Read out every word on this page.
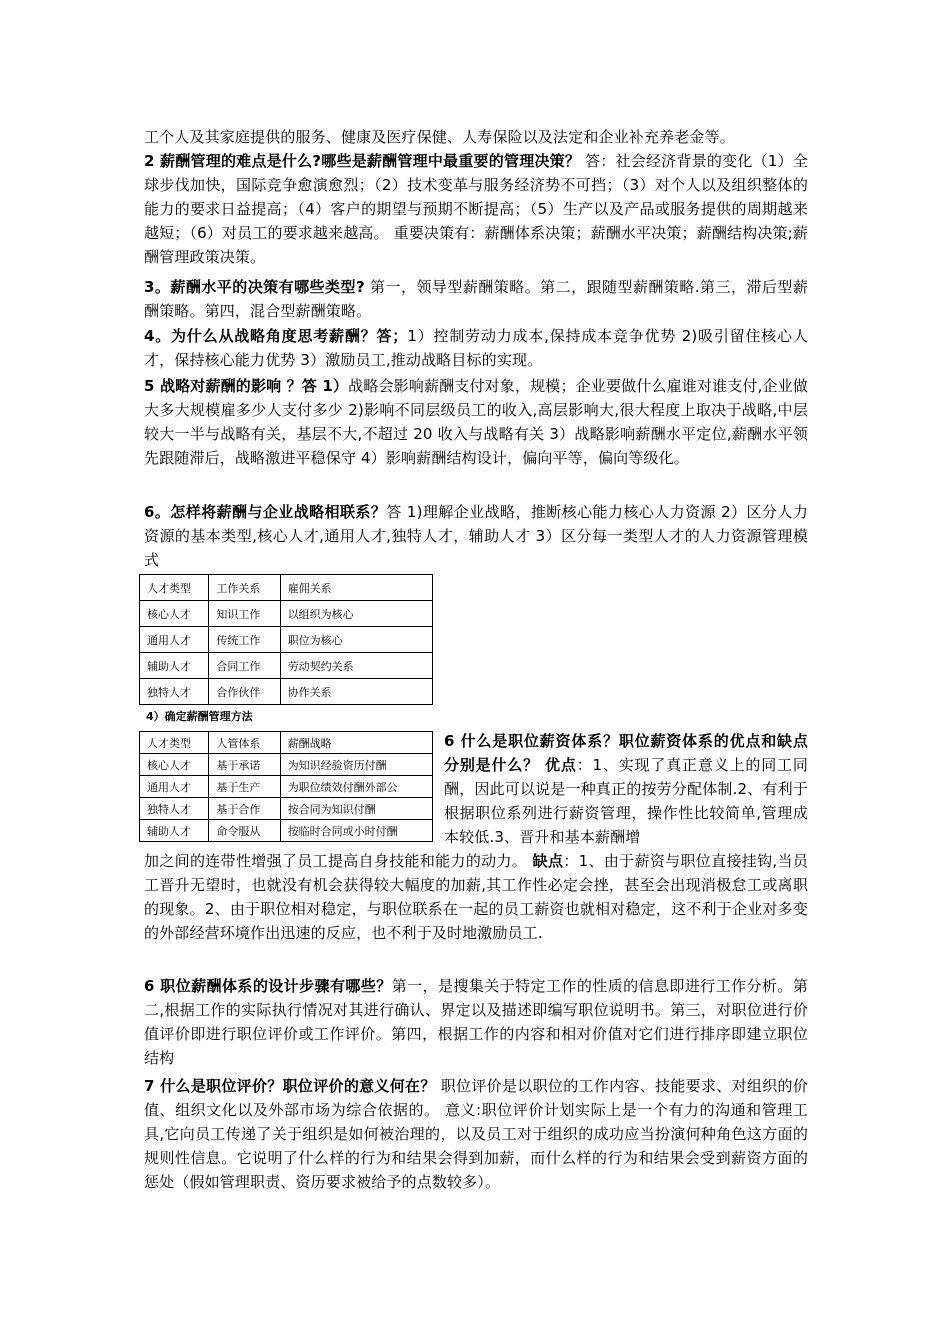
工个人及其家庭提供的服务、健康及医疗保健、人寿保险以及法定和企业补充养老金等。

2 薪酬管理的难点是什么?哪些是薪酬管理中最重要的管理决策？ 答：社会经济背景的变化（1）全球步伐加快，国际竞争愈演愈烈；（2）技术变革与服务经济势不可挡；（3）对个人以及组织整体的能力的要求日益提高；（4）客户的期望与预期不断提高；（5）生产以及产品或服务提供的周期越来越短；（6）对员工的要求越来越高。 重要决策有：薪酬体系决策；薪酬水平决策；薪酬结构决策;薪酬管理政策决策。

3。薪酬水平的决策有哪些类型? 第一，领导型薪酬策略。第二，跟随型薪酬策略.第三，滞后型薪酬策略。第四，混合型薪酬策略。

4。为什么从战略角度思考薪酬？答；1）控制劳动力成本,保持成本竞争优势 2)吸引留住核心人才，保持核心能力优势 3）激励员工,推动战略目标的实现。

5 战略对薪酬的影响 ？答 1）战略会影响薪酬支付对象，规模；企业要做什么雇谁对谁支付,企业做大多大规模雇多少人支付多少 2)影响不同层级员工的收入,高层影响大,很大程度上取决于战略,中层较大一半与战略有关，基层不大,不超过 20 收入与战略有关 3）战略影响薪酬水平定位,薪酬水平领先跟随滞后，战略激进平稳保守 4）影响薪酬结构设计，偏向平等，偏向等级化。

6。怎样将薪酬与企业战略相联系？答 1)理解企业战略，推断核心能力核心人力资源 2）区分人力资源的基本类型,核心人才,通用人才,独特人才，辅助人才 3）区分每一类型人才的人力资源管理模式

人才类型	工作关系	雇佣关系
核心人才	知识工作	以组织为核心
通用人才	传统工作	职位为核心
辅助人才	合同工作	劳动契约关系
独特人才	合作伙伴	协作关系
4）确定薪酬管理方法
人才类型	人管体系	薪酬战略
核心人才	基于承诺	为知识经验资历付酬
通用人才	基于生产	为职位绩效付酬外部公
独特人才	基于合作	按合同为知识付酬
辅助人才	命令服从	按临时合同或小时付酬

6 什么是职位薪资体系？职位薪资体系的优点和缺点分别是什么？ 优点：1、实现了真正意义上的同工同酬，因此可以说是一种真正的按劳分配体制.2、有利于根据职位系列进行薪资管理，操作性比较简单,管理成本较低.3、晋升和基本薪酬增

加之间的连带性增强了员工提高自身技能和能力的动力。 缺点：1、由于薪资与职位直接挂钩,当员工晋升无望时，也就没有机会获得较大幅度的加薪,其工作性必定会挫，甚至会出现消极怠工或离职的现象。2、由于职位相对稳定，与职位联系在一起的员工薪资也就相对稳定，这不利于企业对多变的外部经营环境作出迅速的反应，也不利于及时地激励员工.

6 职位薪酬体系的设计步骤有哪些？第一，是搜集关于特定工作的性质的信息即进行工作分析。第二,根据工作的实际执行情况对其进行确认、界定以及描述即编写职位说明书。第三，对职位进行价值评价即进行职位评价或工作评价。第四，根据工作的内容和相对价值对它们进行排序即建立职位结构

7 什么是职位评价？职位评价的意义何在？ 职位评价是以职位的工作内容、技能要求、对组织的价值、组织文化以及外部市场为综合依据的。 意义:职位评价计划实际上是一个有力的沟通和管理工具,它向员工传递了关于组织是如何被治理的，以及员工对于组织的成功应当扮演何种角色这方面的规则性信息。它说明了什么样的行为和结果会得到加薪，而什么样的行为和结果会受到薪资方面的惩处（假如管理职责、资历要求被给予的点数较多）。
